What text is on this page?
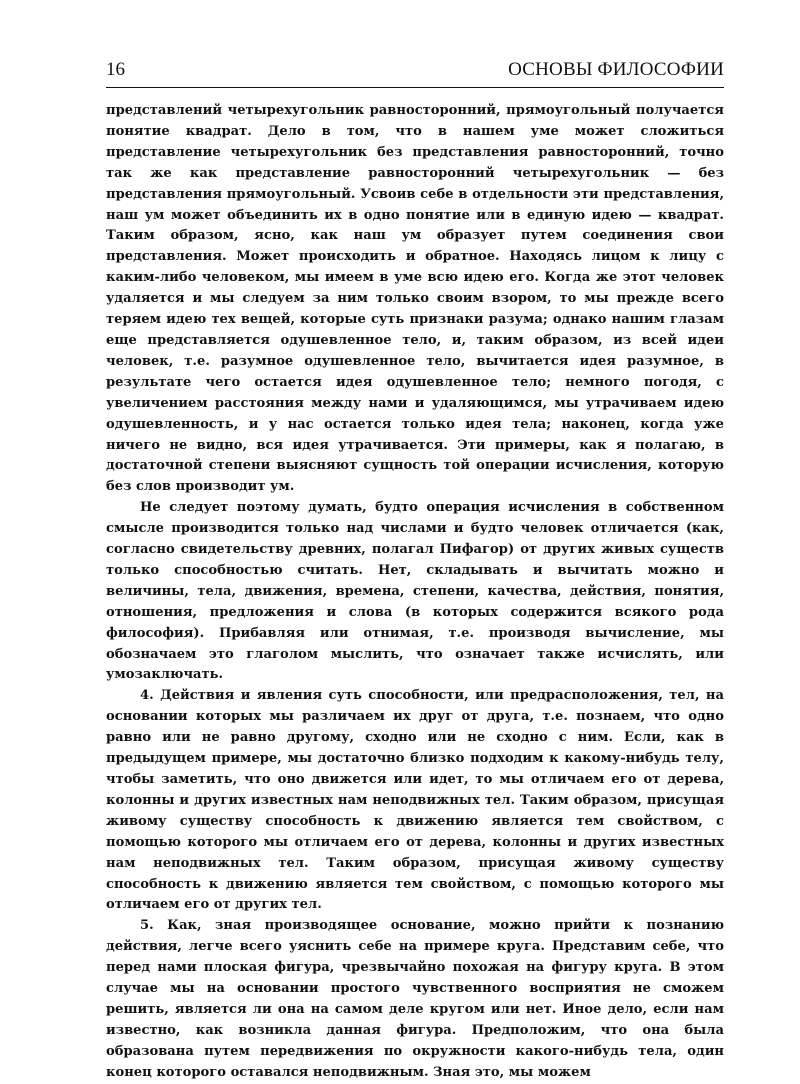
16	ОСНОВЫ ФИЛОСОФИИ

представлений четырехугольник равносторонний, прямоугольный получается понятие квадрат. Дело в том, что в нашем уме может сложиться представление четырехугольник без представления равносторонний, точно так же как представление равносторонний четырехугольник — без представления прямоугольный. Усвоив себе в отдельности эти представления, наш ум может объединить их в одно понятие или в единую идею — квадрат. Таким образом, ясно, как наш ум образует путем соединения свои представления. Может происходить и обратное. Находясь лицом к лицу с каким-либо человеком, мы имеем в уме всю идею его. Когда же этот человек удаляется и мы следуем за ним только своим взором, то мы прежде всего теряем идею тех вещей, которые суть признаки разума; однако нашим глазам еще представляется одушевленное тело, и, таким образом, из всей идеи человек, т.е. разумное одушевленное тело, вычитается идея разумное, в результате чего остается идея одушевленное тело; немного погодя, с увеличением расстояния между нами и удаляющимся, мы утрачиваем идею одушевленность, и у нас остается только идея тела; наконец, когда уже ничего не видно, вся идея утрачивается. Эти примеры, как я полагаю, в достаточной степени выясняют сущность той операции исчисления, которую без слов производит ум.

Не следует поэтому думать, будто операция исчисления в собственном смысле производится только над числами и будто человек отличается (как, согласно свидетельству древних, полагал Пифагор) от других живых существ только способностью считать. Нет, складывать и вычитать можно и величины, тела, движения, времена, степени, качества, действия, понятия, отношения, предложения и слова (в которых содержится всякого рода философия). Прибавляя или отнимая, т.е. производя вычисление, мы обозначаем это глаголом мыслить, что означает также исчислять, или умозаключать.

4. Действия и явления суть способности, или предрасположения, тел, на основании которых мы различаем их друг от друга, т.е. познаем, что одно равно или не равно другому, сходно или не сходно с ним. Если, как в предыдущем примере, мы достаточно близко подходим к какому-нибудь телу, чтобы заметить, что оно движется или идет, то мы отличаем его от дерева, колонны и других известных нам неподвижных тел. Таким образом, присущая живому существу способность к движению является тем свойством, с помощью которого мы отличаем его от дерева, колонны и других известных нам неподвижных тел. Таким образом, присущая живому существу способность к движению является тем свойством, с помощью которого мы отличаем его от других тел.

5. Как, зная производящее основание, можно прийти к познанию действия, легче всего уяснить себе на примере круга. Представим себе, что перед нами плоская фигура, чрезвычайно похожая на фигуру круга. В этом случае мы на основании простого чувственного восприятия не сможем решить, является ли она на самом деле кругом или нет. Иное дело, если нам известно, как возникла данная фигура. Предположим, что она была образована путем передвижения по окружности какого-нибудь тела, один конец которого оставался неподвижным. Зная это, мы можем
